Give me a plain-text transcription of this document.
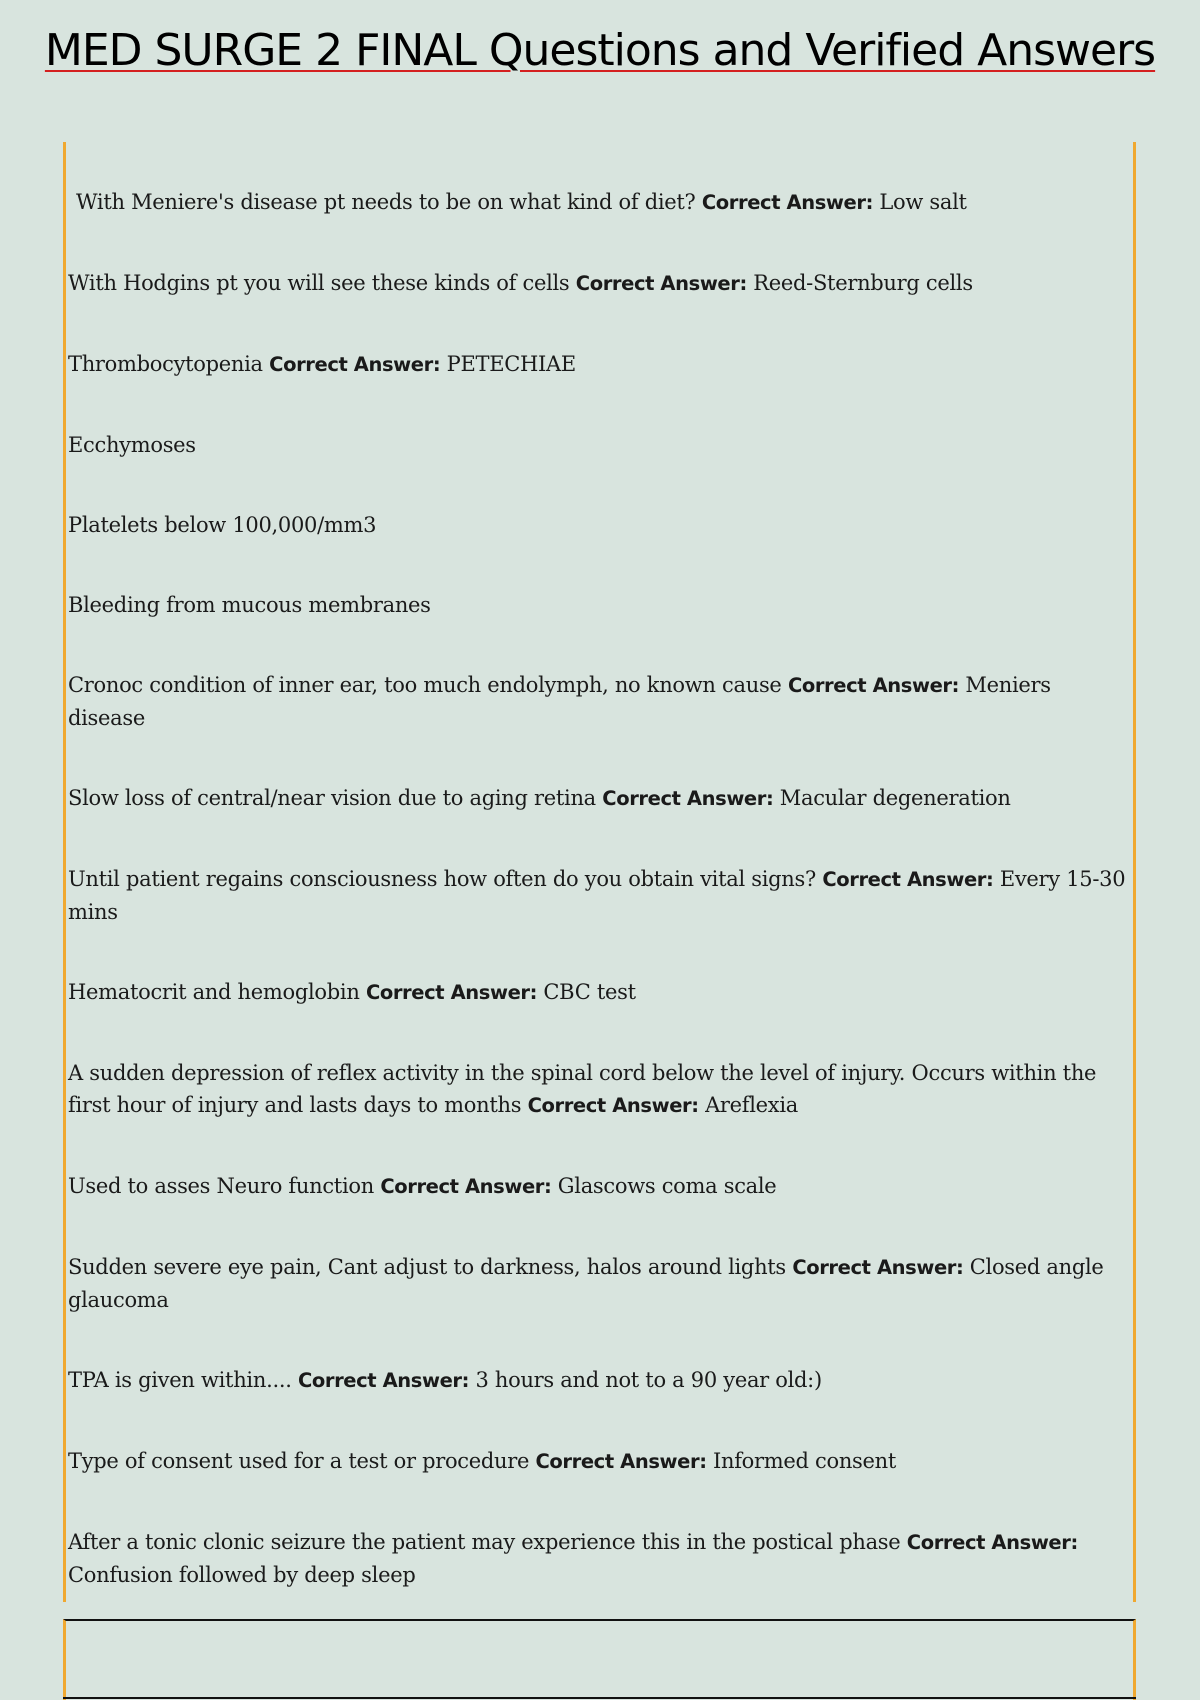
MED SURGE 2 FINAL Questions and Verified Answers

With Meniere's disease pt needs to be on what kind of diet? Correct Answer: Low salt

With Hodgins pt you will see these kinds of cells Correct Answer: Reed-Sternburg cells

Thrombocytopenia Correct Answer: PETECHIAE

Ecchymoses

Platelets below 100,000/mm3

Bleeding from mucous membranes

Cronoc condition of inner ear, too much endolymph, no known cause Correct Answer: Meniers disease

Slow loss of central/near vision due to aging retina Correct Answer: Macular degeneration

Until patient regains consciousness how often do you obtain vital signs? Correct Answer: Every 15-30 mins

Hematocrit and hemoglobin Correct Answer: CBC test

A sudden depression of reflex activity in the spinal cord below the level of injury. Occurs within the first hour of injury and lasts days to months Correct Answer: Areflexia

Used to asses Neuro function Correct Answer: Glascows coma scale

Sudden severe eye pain, Cant adjust to darkness, halos around lights Correct Answer: Closed angle glaucoma

TPA is given within.... Correct Answer: 3 hours and not to a 90 year old:)

Type of consent used for a test or procedure Correct Answer: Informed consent

After a tonic clonic seizure the patient may experience this in the postical phase Correct Answer: Confusion followed by deep sleep
